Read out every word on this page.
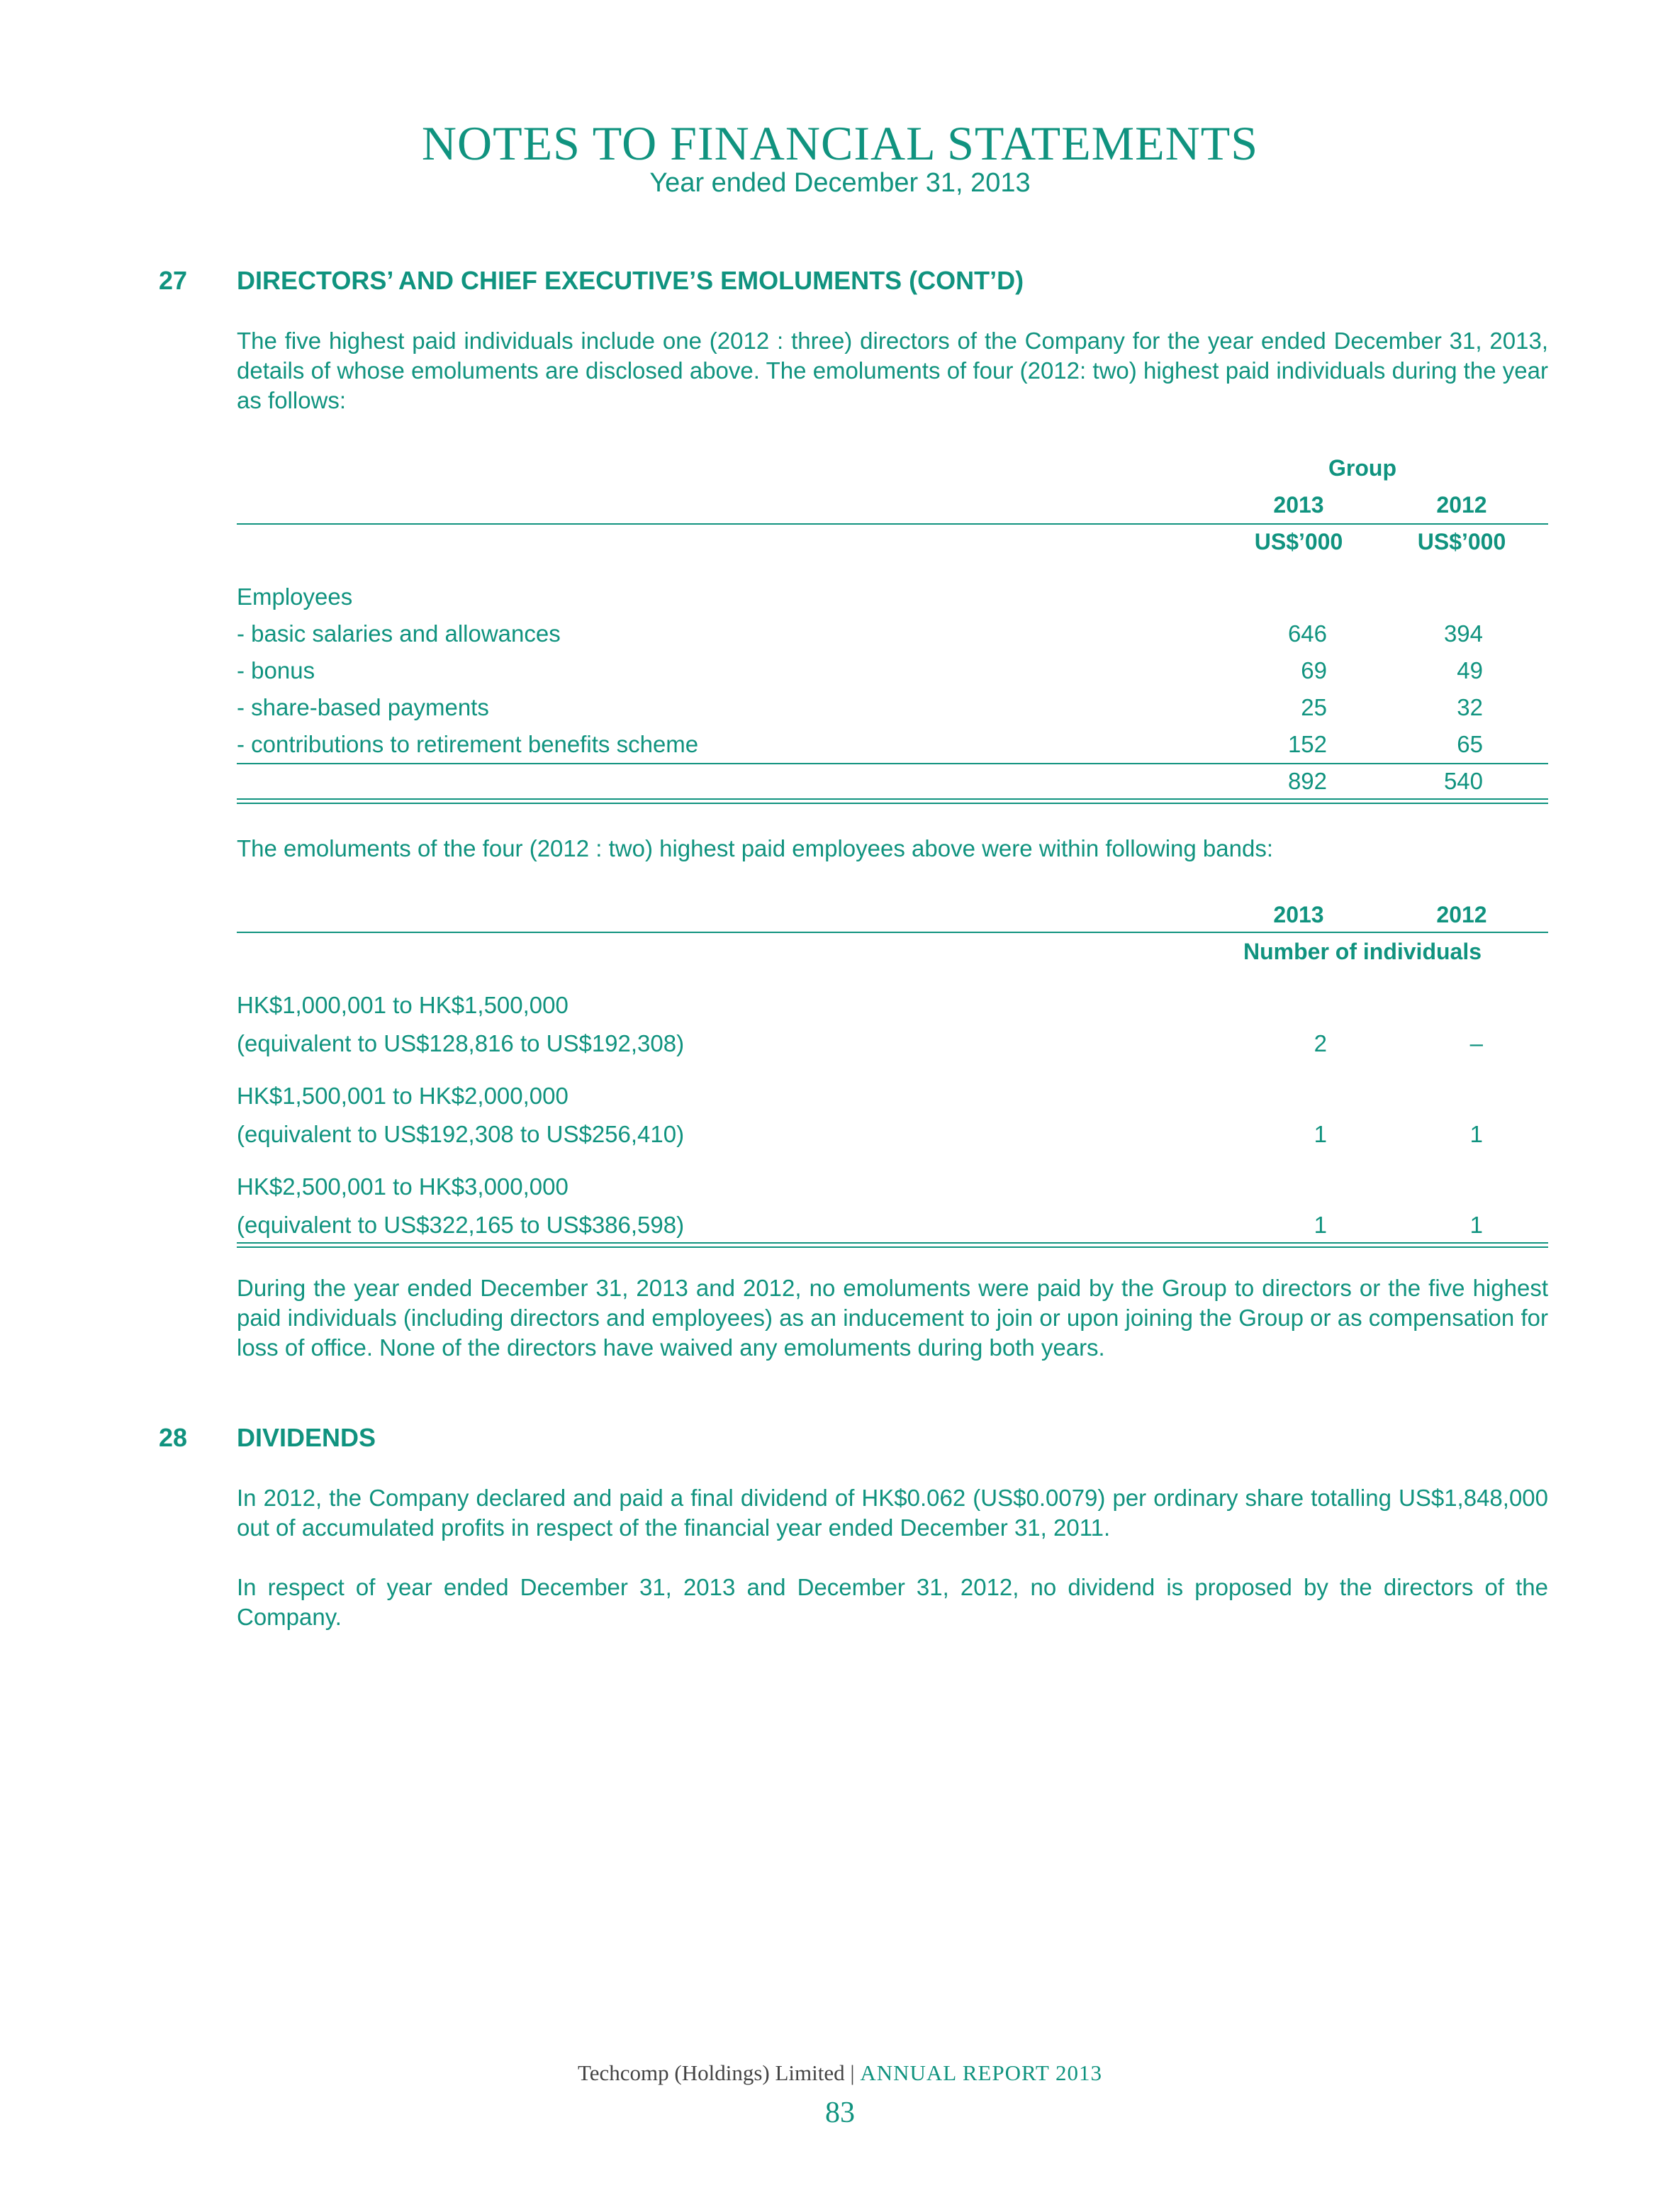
NOTES TO FINANCIAL STATEMENTS
Year ended December 31, 2013
27 DIRECTORS’ AND CHIEF EXECUTIVE’S EMOLUMENTS (CONT’D)
The five highest paid individuals include one (2012 : three) directors of the Company for the year ended December 31, 2013, details of whose emoluments are disclosed above. The emoluments of four (2012: two) highest paid individuals during the year as follows:
Group
2013	2012
US$’000	US$’000
Employees
- basic salaries and allowances	646	394
- bonus	69	49
- share-based payments	25	32
- contributions to retirement benefits scheme	152	65
892	540
The emoluments of the four (2012 : two) highest paid employees above were within following bands:
2013	2012
Number of individuals
HK$1,000,001 to HK$1,500,000
(equivalent to US$128,816 to US$192,308)	2	–
HK$1,500,001 to HK$2,000,000
(equivalent to US$192,308 to US$256,410)	1	1
HK$2,500,001 to HK$3,000,000
(equivalent to US$322,165 to US$386,598)	1	1
During the year ended December 31, 2013 and 2012, no emoluments were paid by the Group to directors or the five highest paid individuals (including directors and employees) as an inducement to join or upon joining the Group or as compensation for loss of office. None of the directors have waived any emoluments during both years.
28 DIVIDENDS
In 2012, the Company declared and paid a final dividend of HK$0.062 (US$0.0079) per ordinary share totalling US$1,848,000 out of accumulated profits in respect of the financial year ended December 31, 2011.
In respect of year ended December 31, 2013 and December 31, 2012, no dividend is proposed by the directors of the Company.
Techcomp (Holdings) Limited | ANNUAL REPORT 2013
83
